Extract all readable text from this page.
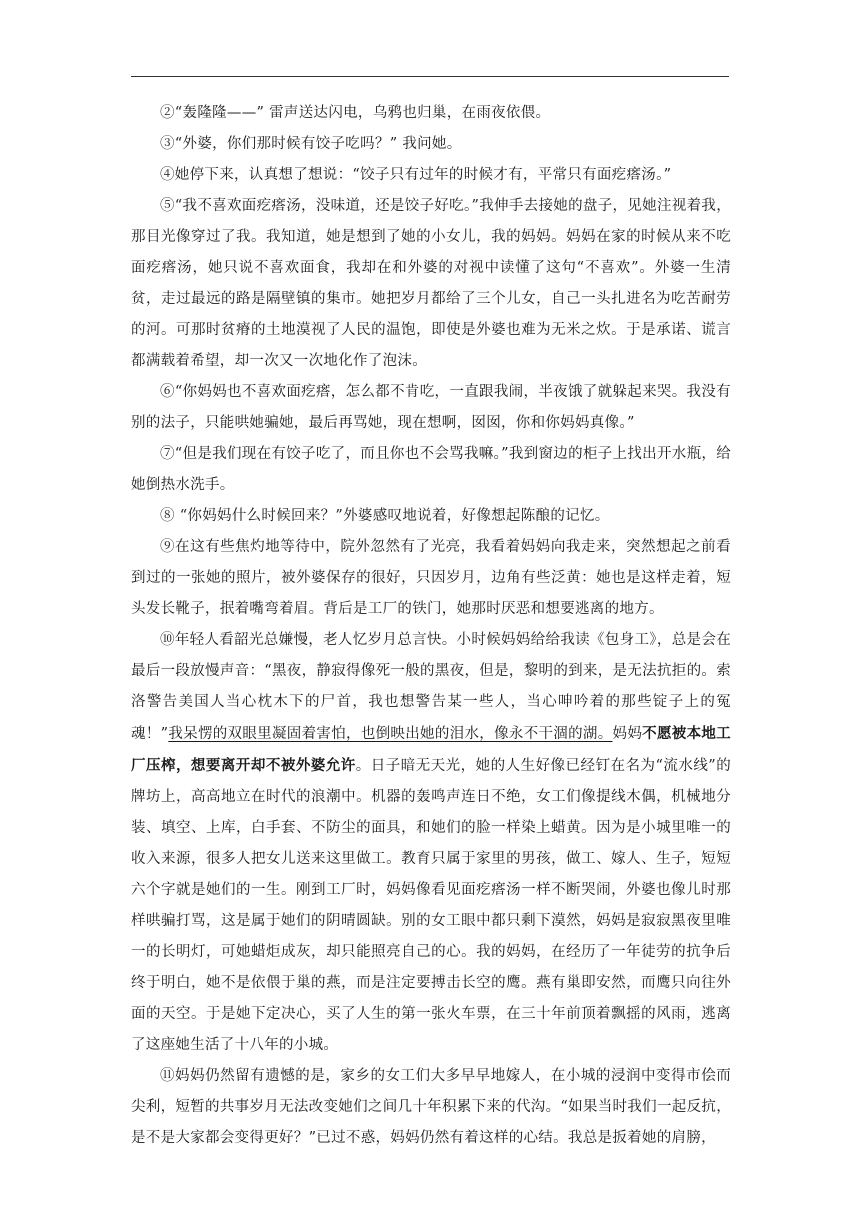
②“轰隆隆——” 雷声送达闪电，乌鸦也归巢，在雨夜依偎。

③“外婆，你们那时候有饺子吃吗？” 我问她。

④她停下来，认真想了想说：“饺子只有过年的时候才有，平常只有面疙瘩汤。”

⑤“我不喜欢面疙瘩汤，没味道，还是饺子好吃。”我伸手去接她的盘子，见她注视着我，那目光像穿过了我。我知道，她是想到了她的小女儿，我的妈妈。妈妈在家的时候从来不吃面疙瘩汤，她只说不喜欢面食，我却在和外婆的对视中读懂了这句“不喜欢”。外婆一生清贫，走过最远的路是隔壁镇的集市。她把岁月都给了三个儿女，自己一头扎进名为吃苦耐劳的河。可那时贫瘠的土地漠视了人民的温饱，即使是外婆也难为无米之炊。于是承诺、谎言都满载着希望，却一次又一次地化作了泡沫。

⑥“你妈妈也不喜欢面疙瘩，怎么都不肯吃，一直跟我闹，半夜饿了就躲起来哭。我没有别的法子，只能哄她骗她，最后再骂她，现在想啊，囡囡，你和你妈妈真像。”

⑦“但是我们现在有饺子吃了，而且你也不会骂我嘛。”我到窗边的柜子上找出开水瓶，给她倒热水洗手。

⑧ “你妈妈什么时候回来？”外婆感叹地说着，好像想起陈酿的记忆。

⑨在这有些焦灼地等待中，院外忽然有了光亮，我看着妈妈向我走来，突然想起之前看到过的一张她的照片，被外婆保存的很好，只因岁月，边角有些泛黄：她也是这样走着，短头发长靴子，抿着嘴弯着眉。背后是工厂的铁门，她那时厌恶和想要逃离的地方。

⑩年轻人看韶光总嫌慢，老人忆岁月总言快。小时候妈妈给给我读《包身工》，总是会在最后一段放慢声音：“黑夜，静寂得像死一般的黑夜，但是，黎明的到来，是无法抗拒的。索洛警告美国人当心枕木下的尸首，我也想警告某一些人，当心呻吟着的那些锭子上的冤魂！”我呆愣的双眼里凝固着害怕，也倒映出她的泪水，像永不干涸的湖。妈妈不愿被本地工厂压榨，想要离开却不被外婆允许。日子暗无天光，她的人生好像已经钉在名为“流水线”的牌坊上，高高地立在时代的浪潮中。机器的轰鸣声连日不绝，女工们像提线木偶，机械地分装、填空、上库，白手套、不防尘的面具，和她们的脸一样染上蜡黄。因为是小城里唯一的收入来源，很多人把女儿送来这里做工。教育只属于家里的男孩，做工、嫁人、生子，短短六个字就是她们的一生。刚到工厂时，妈妈像看见面疙瘩汤一样不断哭闹，外婆也像儿时那样哄骗打骂，这是属于她们的阴晴圆缺。别的女工眼中都只剩下漠然，妈妈是寂寂黑夜里唯一的长明灯，可她蜡炬成灰，却只能照亮自己的心。我的妈妈，在经历了一年徒劳的抗争后终于明白，她不是依偎于巢的燕，而是注定要搏击长空的鹰。燕有巢即安然，而鹰只向往外面的天空。于是她下定决心，买了人生的第一张火车票，在三十年前顶着飘摇的风雨，逃离了这座她生活了十八年的小城。

⑪妈妈仍然留有遗憾的是，家乡的女工们大多早早地嫁人，在小城的浸润中变得市侩而尖利，短暂的共事岁月无法改变她们之间几十年积累下来的代沟。“如果当时我们一起反抗，是不是大家都会变得更好？”已过不惑，妈妈仍然有着这样的心结。我总是扳着她的肩膀，
